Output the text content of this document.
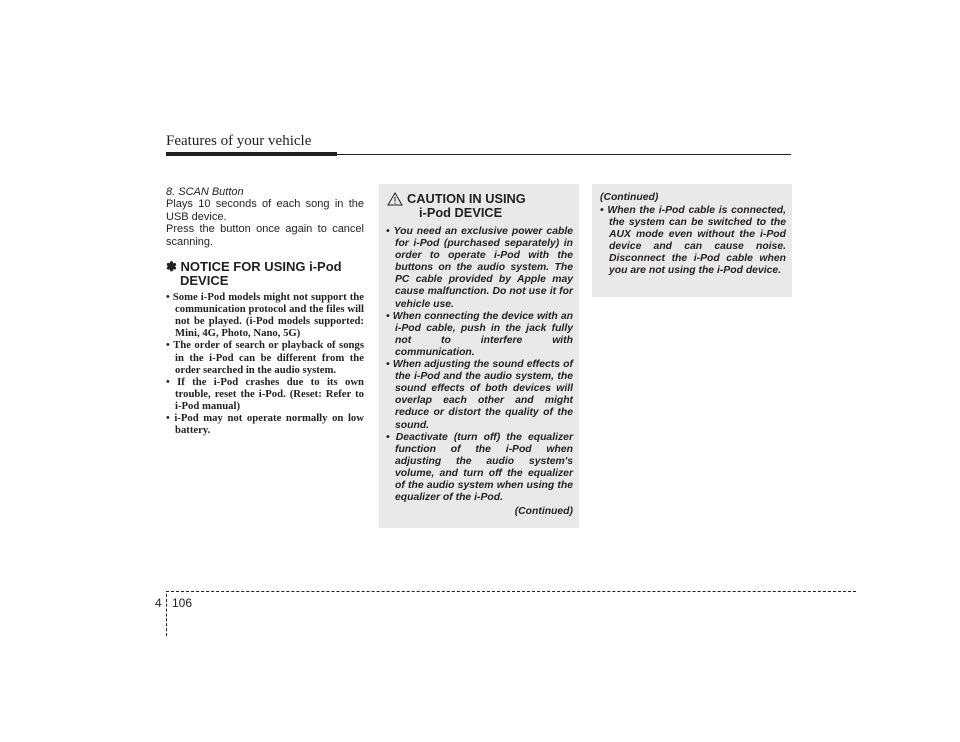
Features of your vehicle
8. SCAN Button

Plays 10 seconds of each song in the USB device.

Press the button once again to cancel scanning.

✽ NOTICE FOR USING i-Pod
DEVICE
• Some i-Pod models might not support the communication protocol and the files will not be played. (i-Pod models supported: Mini, 4G, Photo, Nano, 5G)
• The order of search or playback of songs in the i-Pod can be different from the order searched in the audio system.
• If the i-Pod crashes due to its own trouble, reset the i-Pod. (Reset: Refer to i-Pod manual)
• i-Pod may not operate normally on low battery.
CAUTION IN USING
i-Pod DEVICE
• You need an exclusive power cable for i-Pod (purchased separately) in order to operate i-Pod with the buttons on the audio system. The PC cable provided by Apple may cause malfunction. Do not use it for vehicle use.
• When connecting the device with an i-Pod cable, push in the jack fully not to interfere with communication.
• When adjusting the sound effects of the i-Pod and the audio system, the sound effects of both devices will overlap each other and might reduce or distort the quality of the sound.
• Deactivate (turn off) the equalizer function of the i-Pod when adjusting the audio system's volume, and turn off the equalizer of the audio system when using the equalizer of the i-Pod.
(Continued)
(Continued)
• When the i-Pod cable is connected, the system can be switched to the AUX mode even without the i-Pod device and can cause noise. Disconnect the i-Pod cable when you are not using the i-Pod device.
4 106
